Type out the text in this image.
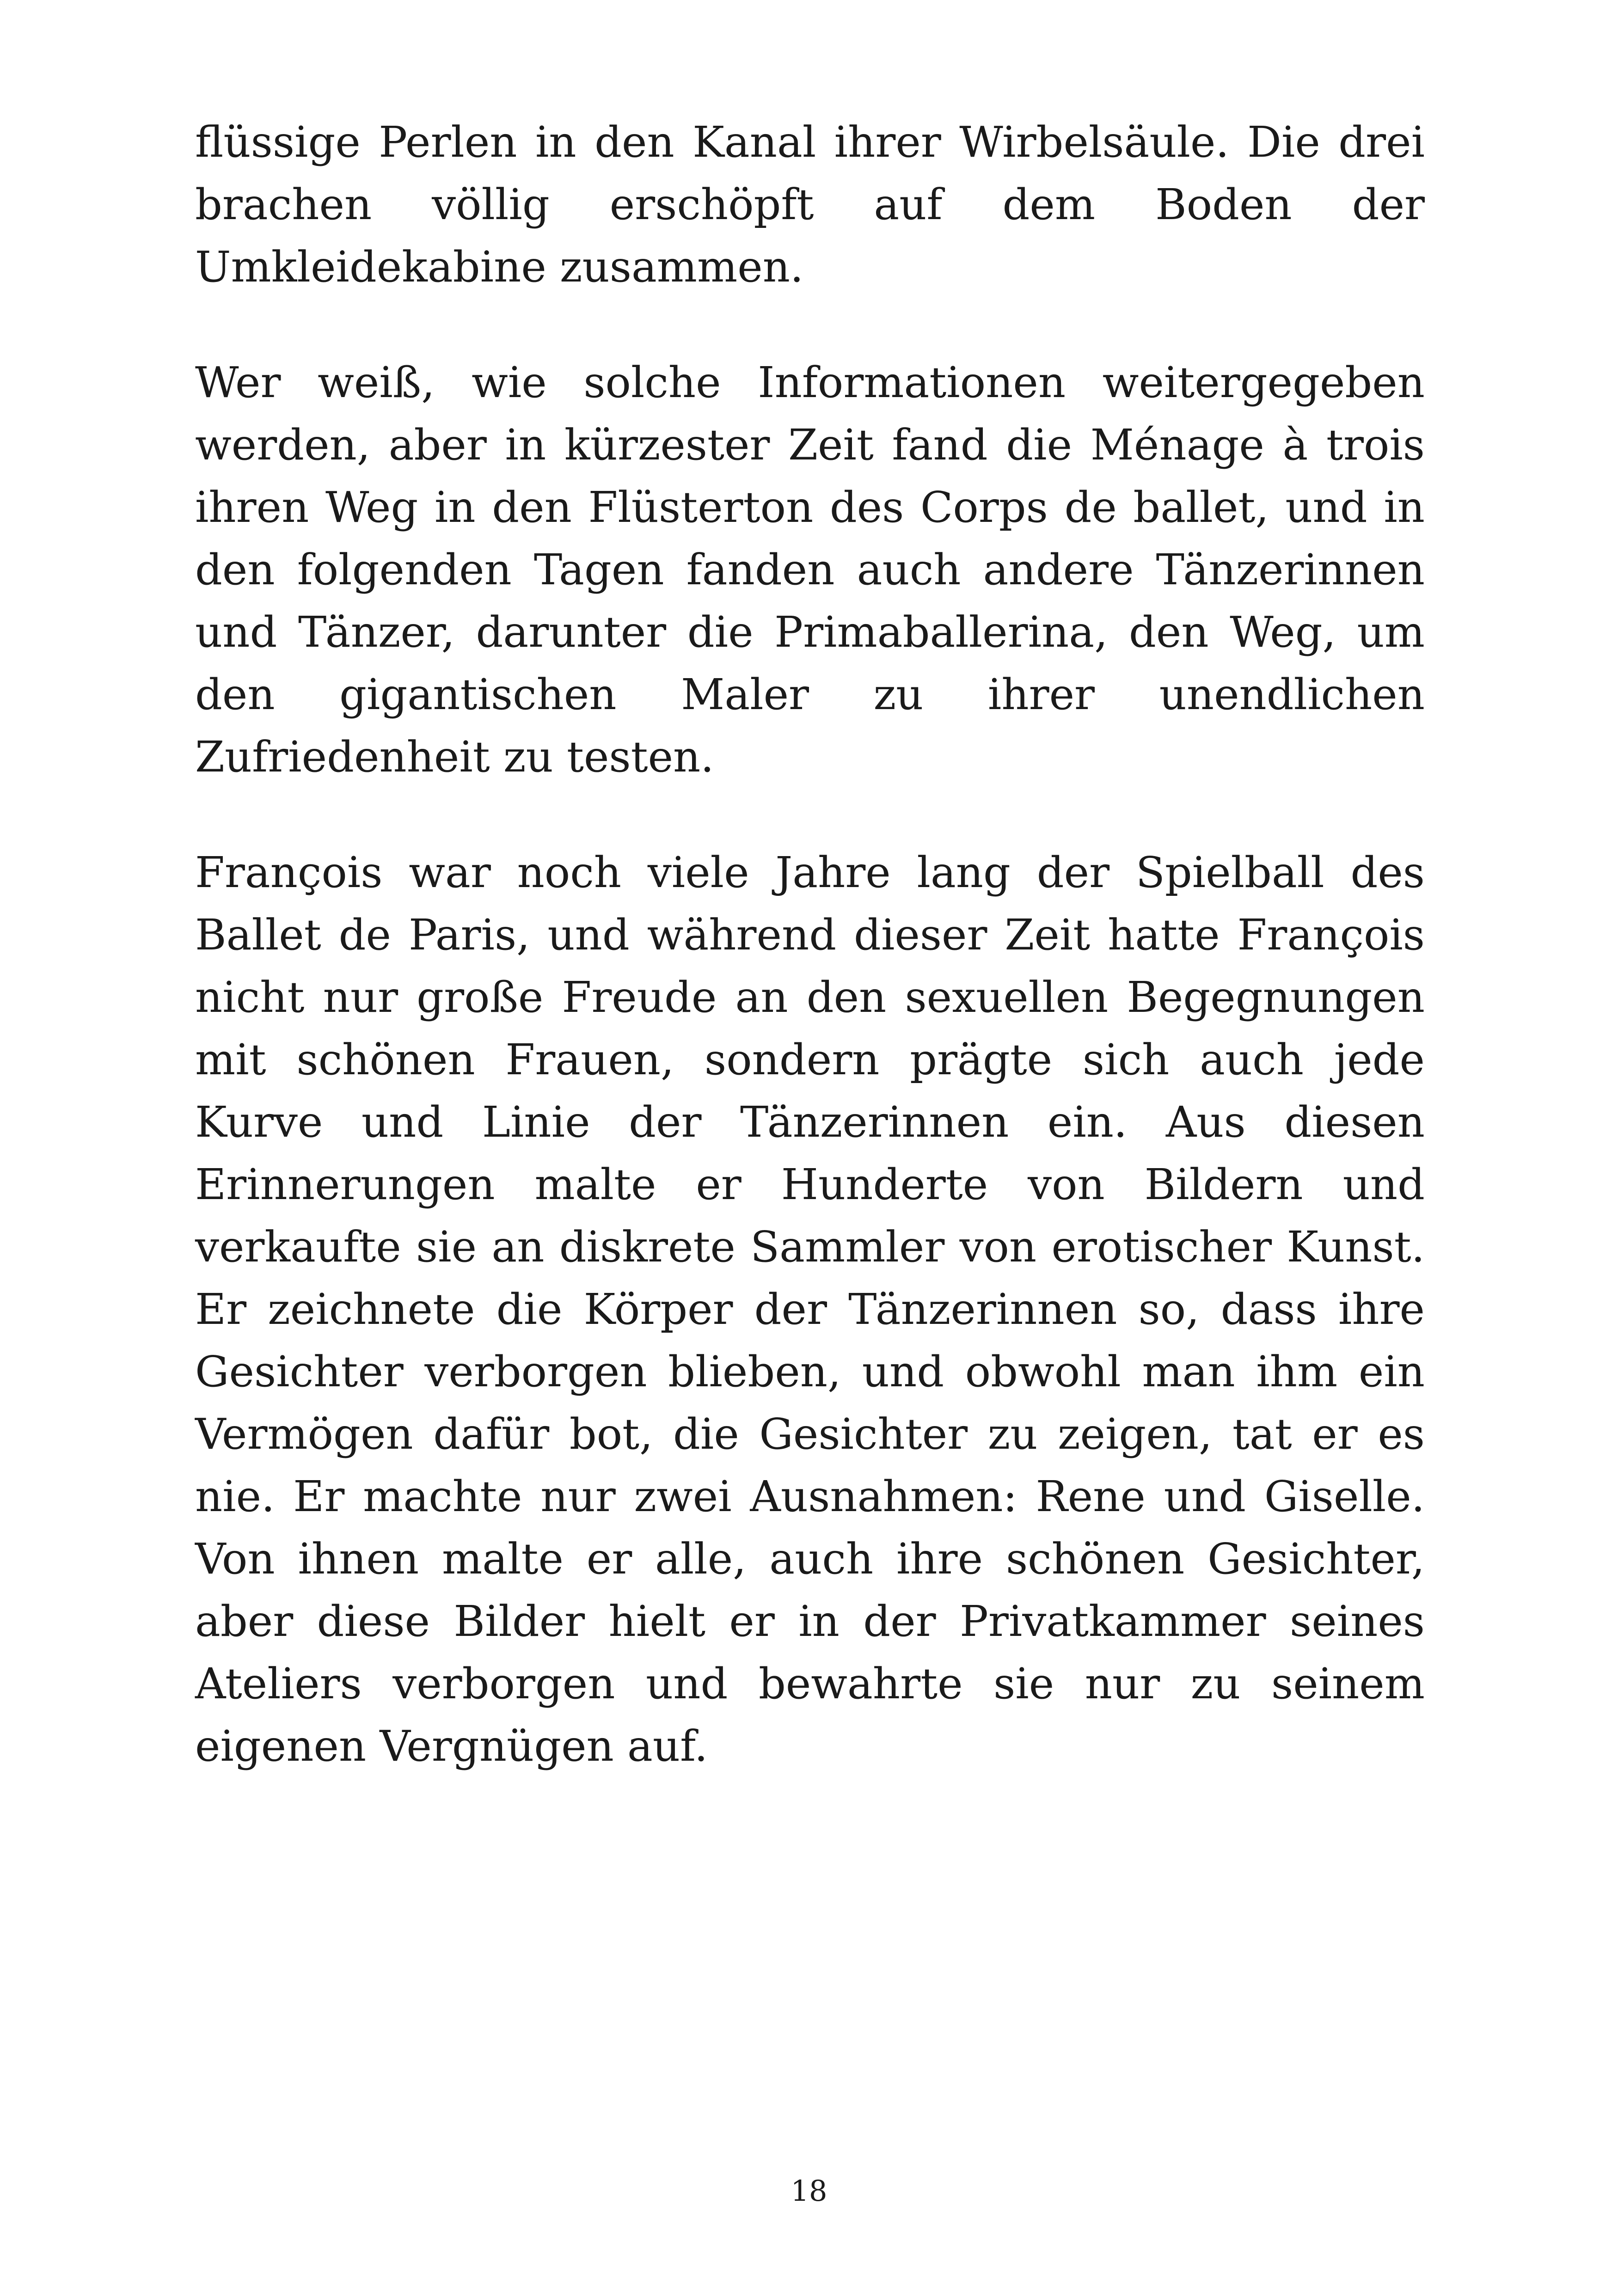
flüssige Perlen in den Kanal ihrer Wirbelsäule. Die drei brachen völlig erschöpft auf dem Boden der Umkleidekabine zusammen.

Wer weiß, wie solche Informationen weitergegeben werden, aber in kürzester Zeit fand die Ménage à trois ihren Weg in den Flüsterton des Corps de ballet, und in den folgenden Tagen fanden auch andere Tänzerinnen und Tänzer, darunter die Primaballerina, den Weg, um den gigantischen Maler zu ihrer unendlichen Zufriedenheit zu testen.

François war noch viele Jahre lang der Spielball des Ballet de Paris, und während dieser Zeit hatte François nicht nur große Freude an den sexuellen Begegnungen mit schönen Frauen, sondern prägte sich auch jede Kurve und Linie der Tänzerinnen ein. Aus diesen Erinnerungen malte er Hunderte von Bildern und verkaufte sie an diskrete Sammler von erotischer Kunst. Er zeichnete die Körper der Tänzerinnen so, dass ihre Gesichter verborgen blieben, und obwohl man ihm ein Vermögen dafür bot, die Gesichter zu zeigen, tat er es nie. Er machte nur zwei Ausnahmen: Rene und Giselle. Von ihnen malte er alle, auch ihre schönen Gesichter, aber diese Bilder hielt er in der Privatkammer seines Ateliers verborgen und bewahrte sie nur zu seinem eigenen Vergnügen auf.

18
